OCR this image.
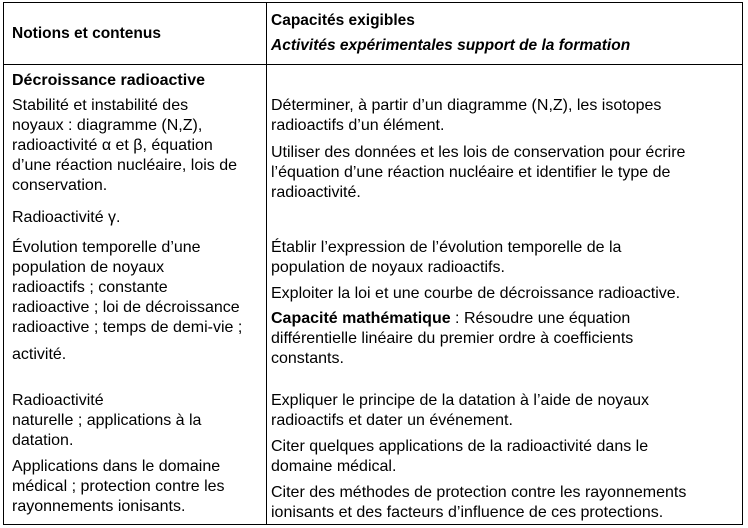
Notions et contenus
Capacités exigibles
Activités expérimentales support de la formation
Décroissance radioactive
Stabilité et instabilité des
noyaux : diagramme (N,Z),
radioactivité α et β, équation
d’une réaction nucléaire, lois de
conservation.
Radioactivité γ.
Évolution temporelle d’une
population de noyaux
radioactifs ; constante
radioactive ; loi de décroissance
radioactive ; temps de demi-vie ;
activité.
Radioactivité
naturelle ; applications à la
datation.
Applications dans le domaine
médical ; protection contre les
rayonnements ionisants.
Déterminer, à partir d’un diagramme (N,Z), les isotopes
radioactifs d’un élément.
Utiliser des données et les lois de conservation pour écrire
l’équation d’une réaction nucléaire et identifier le type de
radioactivité.
Établir l’expression de l’évolution temporelle de la
population de noyaux radioactifs.
Exploiter la loi et une courbe de décroissance radioactive.
Capacité mathématique : Résoudre une équation
différentielle linéaire du premier ordre à coefficients
constants.
Expliquer le principe de la datation à l’aide de noyaux
radioactifs et dater un événement.
Citer quelques applications de la radioactivité dans le
domaine médical.
Citer des méthodes de protection contre les rayonnements
ionisants et des facteurs d’influence de ces protections.
